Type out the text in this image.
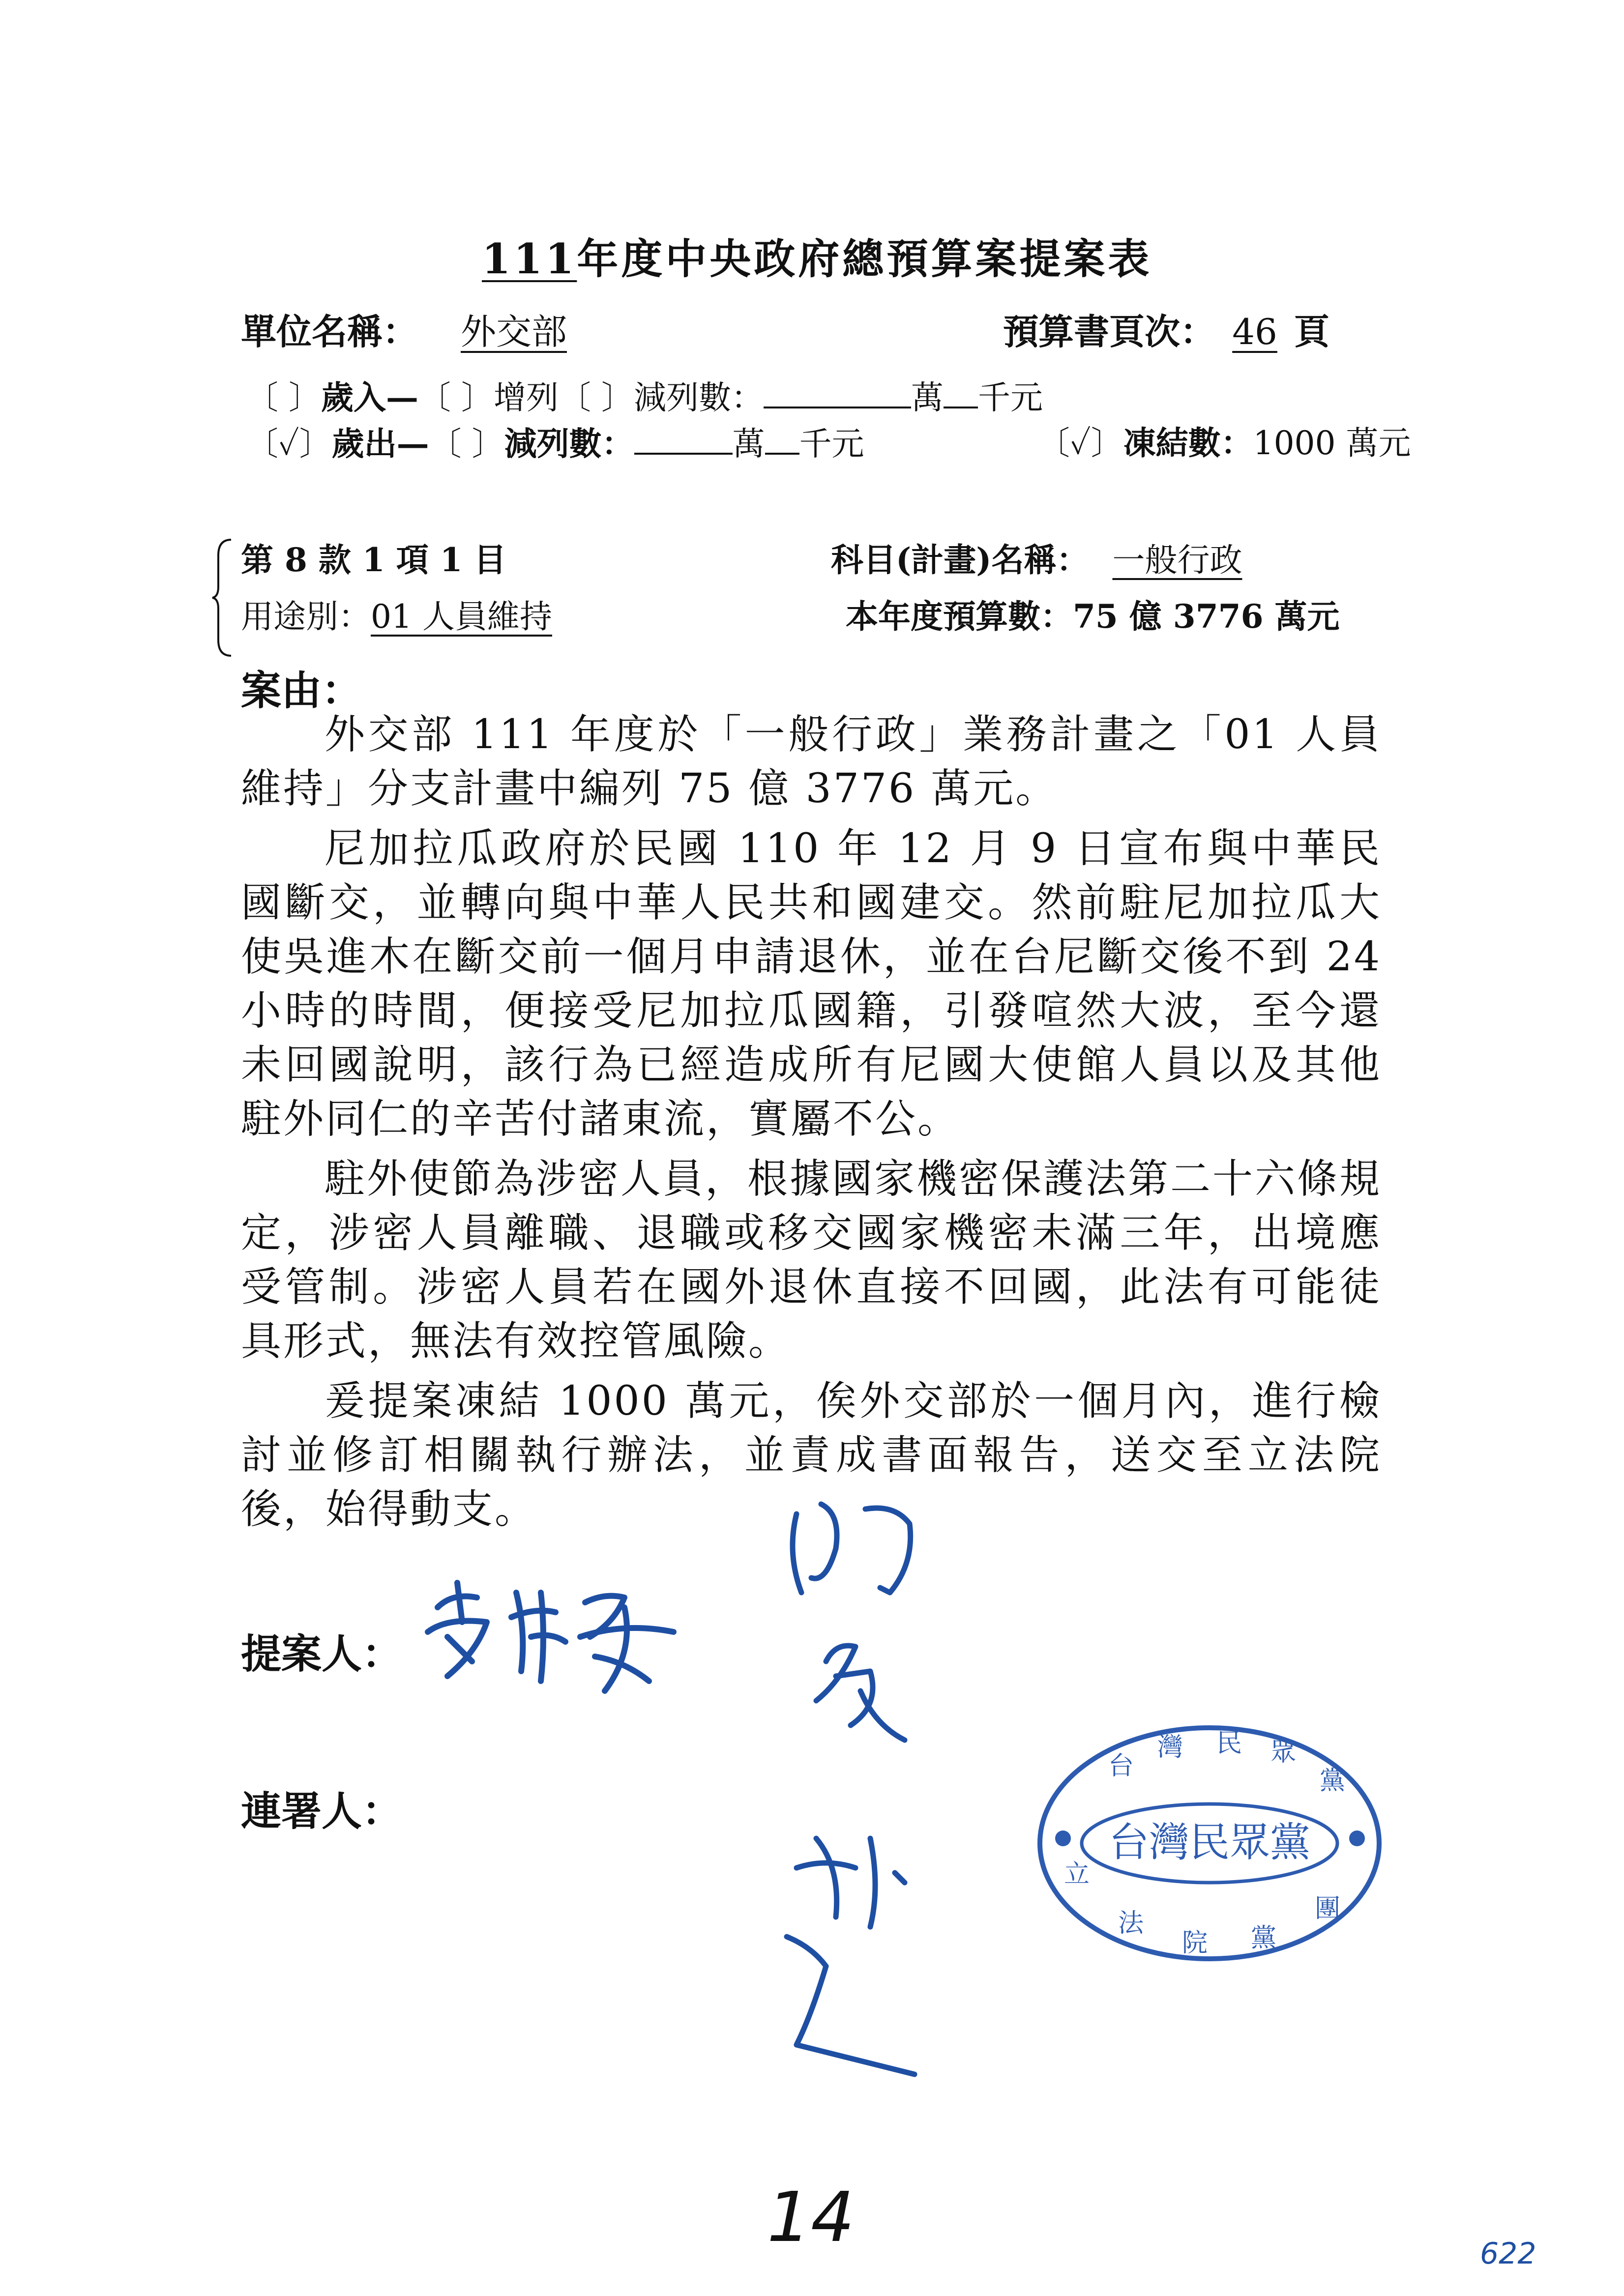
111年度中央政府總預算案提案表
單位名稱： 外交部	預算書頁次： 46 頁
〔 〕歲入—〔 〕增列〔 〕減列數：	萬 千元
〔✓〕歲出—〔 〕減列數：	萬 千元	〔✓〕凍結數：1000 萬元
第 8 款 1 項 1 目	科目(計畫)名稱： 一般行政
用途別：01 人員維持	本年度預算數：75 億 3776 萬元
案由：

外交部 111 年度於「一般行政」業務計畫之「01 人員維持」分支計畫中編列 75 億 3776 萬元。

尼加拉瓜政府於民國 110 年 12 月 9 日宣布與中華民國斷交，並轉向與中華人民共和國建交。然前駐尼加拉瓜大使吳進木在斷交前一個月申請退休，並在台尼斷交後不到 24 小時的時間，便接受尼加拉瓜國籍，引發喧然大波，至今還未回國說明，該行為已經造成所有尼國大使館人員以及其他駐外同仁的辛苦付諸東流，實屬不公。

駐外使節為涉密人員，根據國家機密保護法第二十六條規定，涉密人員離職、退職或移交國家機密未滿三年，出境應受管制。涉密人員若在國外退休直接不回國，此法有可能徒具形式，無法有效控管風險。

爰提案凍結 1000 萬元，俟外交部於一個月內，進行檢討並修訂相關執行辦法，並責成書面報告，送交至立法院後，始得動支。

提案人：
連署人：
台
灣 民 眾
黨
立
法
院 黨
團
台灣民眾黨
14	622
